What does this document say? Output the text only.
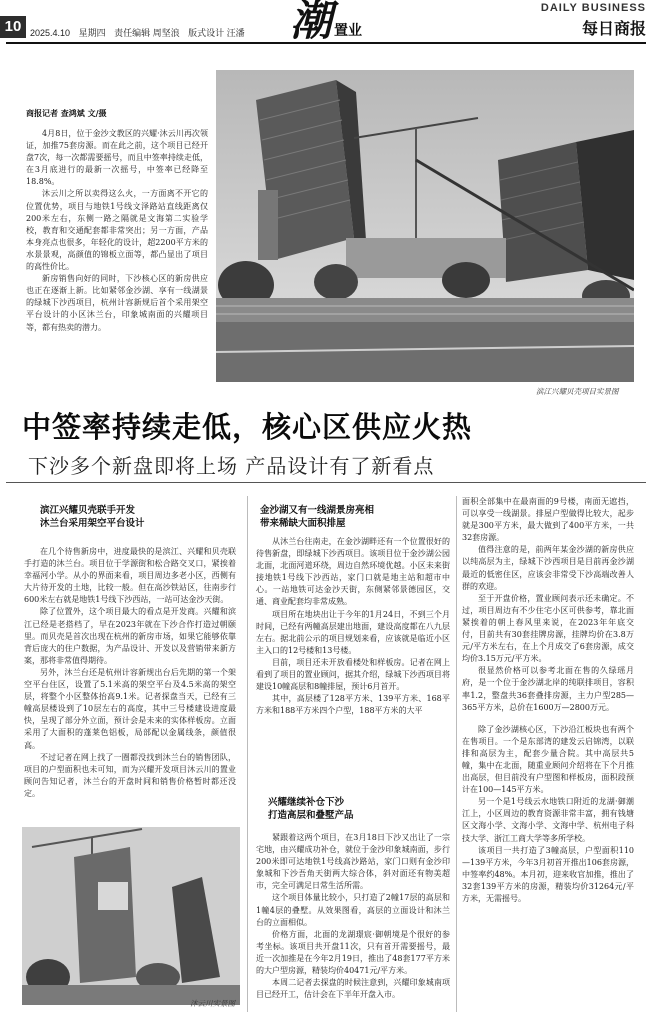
10 2025.4.10 星期四 责任编辑 周坚浪 版式设计 汪潘 潮 置业
DAILY BUSINESS
每日商报
商报记者 查鸿斌 文/摄

4月8日，位于金沙文教区的兴耀·沐云川再次领证，加推75套房源。而在此之前，这个项目已经开盘7次，每一次都需要摇号，而且中签率持续走低，在3月底进行的最新一次摇号，中签率已经降至18.8%。

沐云川之所以卖得这么火，一方面离不开它的位置优势，项目与地铁1号线文泽路站直线距离仅200米左右，东侧一路之隔就是文海第二实验学校，教育和交通配套都非常突出；另一方面，产品本身亮点也很多，年轻化的设计，超2200平方米的水景景观，高颜值的锦板立面等，都凸显出了项目的高性价比。

新房销售向好的同时，下沙核心区的新房供应也正在逐渐上新。比如紧邻金沙湖、享有一线湖景的绿城下沙西项目，杭州计容新规后首个采用架空平台设计的小区沐兰台，印象城南面的兴耀项目等，都有热卖的潜力。

滨江兴耀贝壳项目实景图
中签率持续走低，核心区供应火热
下沙多个新盘即将上场 产品设计有了新看点
滨江兴耀贝壳联手开发
沐兰台采用架空平台设计

在几个待售新房中，进度最快的是滨江、兴耀和贝壳联手打造的沐兰台。项目位于学源街和松合路交叉口，紧挨着幸福河小学。从小的界面来看，项目周边多老小区，西侧有大片待开发的土地，比较一般。但在高沙铁站区，往南步行600米左右就是地铁1号线下沙西站，一站可达金沙天街。

除了位置外，这个项目最大的看点是开发商。兴耀和滨江已经是老搭档了，早在2023年就在下沙合作打造过朝颐里。而贝壳是首次出现在杭州的新房市场，如果它能够依靠背后庞大的住户数据，为产品设计、开发以及营销带来新方案，那将非常值得期待。

另外，沐兰台还是杭州计容新规出台后先期的第一个架空平台住区，设置了5.1米高的架空平台及4.5米高的架空层，将整个小区整体抬高9.1米。记者探盘当天，已经有三幢高层楼设到了10层左右的高度，其中三号楼建设进度最快，呈现了部分外立面，预计会是未来的实体样板房。立面采用了大面积的蓬莱色铝板，局部配以金属线条，颜值很高。

不过记者在网上找了一圈都没找到沐兰台的销售团队，项目的户型面积也未可知，而为兴耀开发项目沐云川的置业顾问告知记者，沐兰台的开盘时间和销售价格暂时都还没定。

沐云川实景图
金沙湖又有一线湖景房亮相
带来稀缺大面积排屋

从沐兰台往南走，在金沙湖畔还有一个位置很好的待售新盘，即绿城下沙西项目。该项目位于金沙湖公园北面，北面河道环绕，周边自然环境优越。小区未来街接地铁1号线下沙西站，家门口就是地主站和超市中心。一站地铁可达金沙天街，东侧紧邻景德园区，交通、商业配套均非常成熟。

项目所在地块出让于今年的1月24日，不到三个月时间，已经有两幢高层建出地面，建设高度都在八九层左右。据北前公示的项目规划来看，应该就是临近小区主入口的12号楼和13号楼。

目前，项目还未开放看楼处和样板房。记者在网上看到了项目的置业顾问，据其介绍，绿城下沙西项目将建设10幢高层和8幢排屋，预计6月首开。

其中，高层楼了128平方米、139平方米、168平方米和188平方米四个户型，188平方米的大平

兴耀继续补仓下沙
打造高层和叠墅产品

紧跟着这两个项目，在3月18日下沙又出让了一宗宅地，由兴耀成功补仓，就位于金沙印象城南面，步行200米即可达地铁1号线高沙路站，家门口则有金沙印象城和下沙吾角天街两大综合体，斜对面还有物美超市，完全可满足日常生活所需。

这个项目体量比较小，只打造了2幢17层的高层和1幢4层的叠墅。从效果图看，高层的立面设计和沐兰台的立面相似。

价格方面，北面的龙湖璟宸·御朝境是个很好的参考坐标。该项目共开盘11次，只有首开需要摇号，最近一次加推是在今年2月19日，推出了48套177平方米的大户型房源，精装均价40471元/平方米。

本周二记者去探盘的时候注意到，兴耀印象城南项目已经开工，估计会在下半年开盘入市。

面积全部集中在最南面的9号楼，南面无遮挡，可以享受一线湖景。排屋户型做得比较大，起步就是300平方米，最大做到了400平方米，一共32套房源。

值得注意的是，前两年某金沙湖的新房供应以纯高层为主，绿城下沙西项目是目前再金沙湖最近的低密住区，应该会非常受下沙高端改善人群的欢迎。

至于开盘价格，置业顾问表示还未确定。不过，项目周边有不少住宅小区可供参考，靠北面紧挨着的朝上春风里来说，在2023年年底交付，目前共有30套挂牌房源，挂牌均价在3.8万元/平方米左右，在上个月成交了6套房源，成交均价3.15万元/平方米。

很显然价格可以参考北面在售的久绿瑶月府，是一个位于金沙湖北岸的纯联排项目，容积率1.2，整盘共36套叠排房源，主力户型285—365平方米，总价在1600万—2800万元。

除了金沙湖核心区，下沙沿江板块也有两个在售项目。一个是东部湾的建发云启锦湾，以联排和高层为主，配套少量合院。其中高层共5幢，集中在北面，随重业顾问介绍将在下个月推出高层，但目前没有户型图和样板房，面积段预计在100—145平方米。

另一个是1号线云水地铁口附近的龙湖·御潮江上，小区周边的教育资源非常丰富，拥有钱塘区文海小学、文海小学、文海中学、杭州电子科技大学、浙江工商大学等多所学校。

该项目一共打造了3幢高层，户型面积110—139平方米，今年3月初首开推出106套房源，中签率约48%。本月初，迎来收官加推，推出了32套139平方米的房源，精装均价31264元/平方米，无需摇号。
